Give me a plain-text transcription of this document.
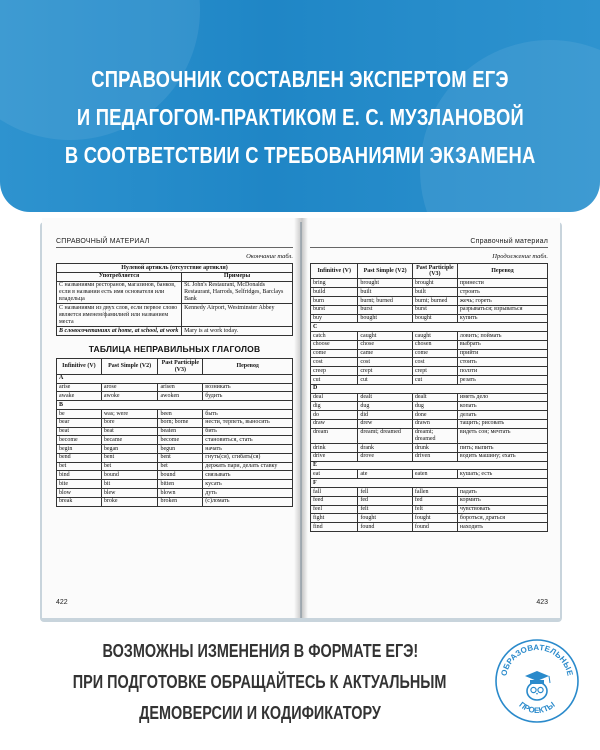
СПРАВОЧНИК СОСТАВЛЕН ЭКСПЕРТОМ ЕГЭ
И ПЕДАГОГОМ-ПРАКТИКОМ Е. С. МУЗЛАНОВОЙ
В СООТВЕТСТВИИ С ТРЕБОВАНИЯМИ ЭКЗАМЕНА
СПРАВОЧНЫЙ МАТЕРИАЛ
Окончание табл.
Нулевой артикль (отсутствие артикля)	
Употребляется	Примеры
С названиями ресторанов, магазинов, банков, если в названии есть имя основателя или владельца	St. John's Restaurant, McDonalds Restaurant, Harrods, Selfridges, Barclays Bank
С названиями из двух слов, если первое слово является именем/фамилией или названием места	Kennedy Airport, Westminster Abbey
В словосочетаниях at home, at school, at work	Mary is at work today.
ТАБЛИЦА НЕПРАВИЛЬНЫХ ГЛАГОЛОВ
Infinitive (V)	Past Simple (V2)	Past Participle (V3)	Перевод
A			
arise	arose	arisen	возникать
awake	awoke	awoken	будить
B			
be	was; were	been	быть
bear	bore	born; borne	нести, терпеть, выносить
beat	beat	beaten	бить
become	became	become	становиться, стать
begin	began	begun	начать
bend	bent	bent	гнуть(ся), сгибать(ся)
bet	bet	bet	держать пари, делать ставку
bind	bound	bound	связывать
bite	bit	bitten	кусать
blow	blew	blown	дуть
break	broke	broken	(с)ломать
422
Справочный материал
Продолжение табл.
Infinitive (V)	Past Simple (V2)	Past Participle (V3)	Перевод
bring	brought	brought	принести
build	built	built	строить
burn	burnt; burned	burnt; burned	жечь; гореть
burst	burst	burst	разрываться; взрываться
buy	bought	bought	купить
C			
catch	caught	caught	ловить; поймать
choose	chose	chosen	выбрать
come	came	come	прийти
cost	cost	cost	стоить
creep	crept	crept	ползти
cut	cut	cut	резать
D			
deal	dealt	dealt	иметь дело
dig	dug	dug	копать
do	did	done	делать
draw	drew	drawn	тащить; рисовать
dream	dreamt; dreamed	dreamt; dreamed	видеть сон; мечтать
drink	drank	drunk	пить; выпить
drive	drove	driven	водить машину; ехать
E			
eat	ate	eaten	кушать; есть
F			
fall	fell	fallen	падать
feed	fed	fed	кормить
feel	felt	felt	чувствовать
fight	fought	fought	бороться, драться
find	found	found	находить
423
ВОЗМОЖНЫ ИЗМЕНЕНИЯ В ФОРМАТЕ ЕГЭ!
ПРИ ПОДГОТОВКЕ ОБРАЩАЙТЕСЬ К АКТУАЛЬНЫМ
ДЕМОВЕРСИИ И КОДИФИКАТОРУ
ОБРАЗОВАТЕЛЬНЫЕ
ПРОЕКТЫ
